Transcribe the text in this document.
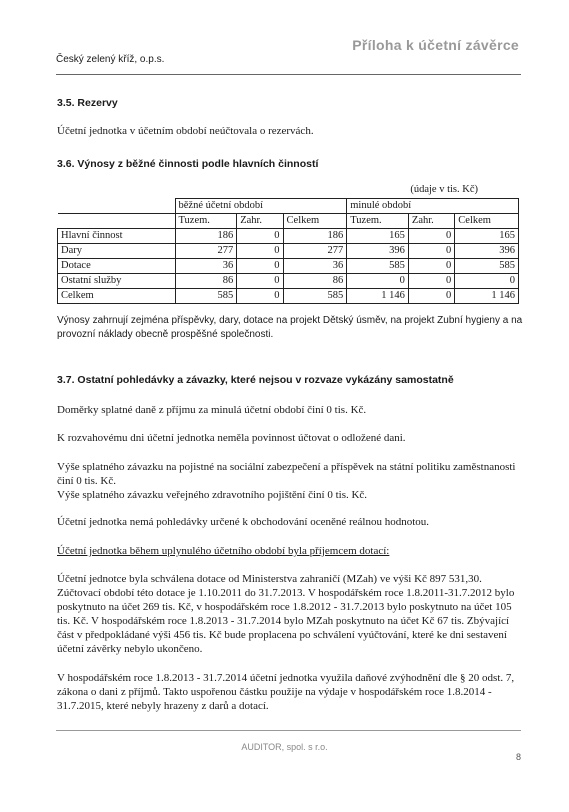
Český zelený kříž, o.p.s.
Příloha k účetní závěrce
3.5. Rezervy
Účetní jednotka v účetním období neúčtovala o rezervách.
3.6. Výnosy z běžné činnosti podle hlavních činností
(údaje v tis. Kč)
	běžné účetní období			minulé období		
	Tuzem.	Zahr.	Celkem	Tuzem.	Zahr.	Celkem
Hlavní činnost	186	0	186	165	0	165
Dary	277	0	277	396	0	396
Dotace	36	0	36	585	0	585
Ostatní služby	86	0	86	0	0	0
Celkem	585	0	585	1 146	0	1 146
Výnosy zahrnují zejména příspěvky, dary, dotace na projekt Dětský úsměv, na projekt Zubní hygieny a na provozní náklady obecně prospěšné společnosti.
3.7. Ostatní pohledávky a závazky, které nejsou v rozvaze vykázány samostatně
Doměrky splatné daně z příjmu za minulá účetní období činí 0 tis. Kč.
K rozvahovému dni účetní jednotka neměla povinnost účtovat o odložené dani.
Výše splatného závazku na pojistné na sociální zabezpečení a příspěvek na státní politiku zaměstnanosti činí 0 tis. Kč.
Výše splatného závazku veřejného zdravotního pojištění činí 0 tis. Kč.
Účetní jednotka nemá pohledávky určené k obchodování oceněné reálnou hodnotou.
Účetní jednotka během uplynulého účetního období byla příjemcem dotací:
Účetní jednotce byla schválena dotace od Ministerstva zahraničí (MZah) ve výši Kč 897 531,30. Zúčtovací období této dotace je 1.10.2011 do 31.7.2013. V hospodářském roce 1.8.2011-31.7.2012 bylo poskytnuto na účet 269 tis. Kč, v hospodářském roce 1.8.2012 - 31.7.2013 bylo poskytnuto na účet 105 tis. Kč. V hospodářském roce 1.8.2013 - 31.7.2014 bylo MZah poskytnuto na účet Kč 67 tis. Zbývající část v předpokládané výši 456 tis. Kč bude proplacena po schválení vyúčtování, které ke dni sestavení účetní závěrky nebylo ukončeno.
V hospodářském roce 1.8.2013 - 31.7.2014 účetní jednotka využila daňové zvýhodnění dle § 20 odst. 7, zákona o dani z příjmů. Takto uspořenou částku použije na výdaje v hospodářském roce 1.8.2014 - 31.7.2015, které nebyly hrazeny z darů a dotací.
AUDITOR, spol. s r.o.
8
